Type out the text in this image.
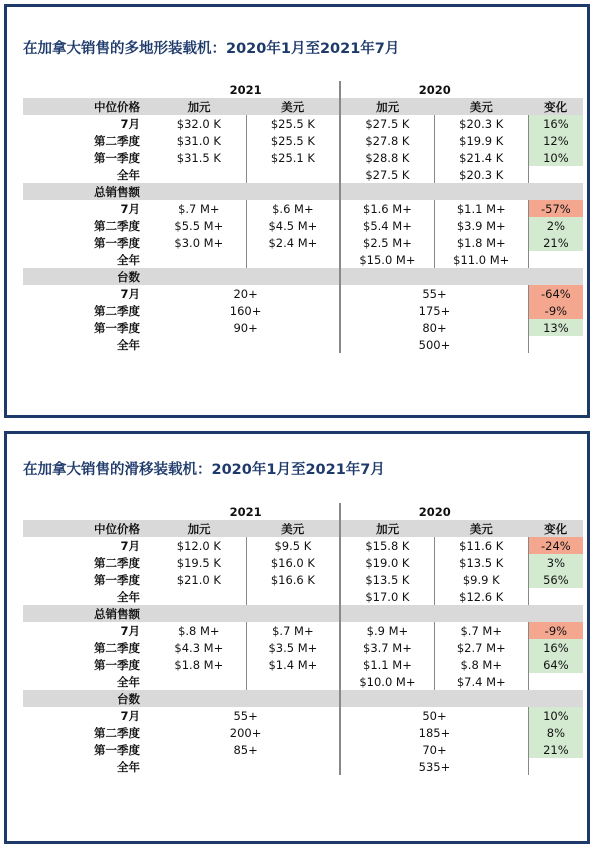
在加拿大销售的多地形装载机：2020年1月至2021年7月
	2021		2020		
中位价格	加元	美元	加元	美元	变化
7月	$32.0 K	$25.5 K	$27.5 K	$20.3 K	16%
第二季度	$31.0 K	$25.5 K	$27.8 K	$19.9 K	12%
第一季度	$31.5 K	$25.1 K	$28.8 K	$21.4 K	10%
全年			$27.5 K	$20.3 K	
总销售额					
7月	$.7 M+	$.6 M+	$1.6 M+	$1.1 M+	-57%
第二季度	$5.5 M+	$4.5 M+	$5.4 M+	$3.9 M+	2%
第一季度	$3.0 M+	$2.4 M+	$2.5 M+	$1.8 M+	21%
全年			$15.0 M+	$11.0 M+	
台数					
7月	20+		55+		-64%
第二季度	160+		175+		-9%
第一季度	90+		80+		13%
全年			500+		
在加拿大销售的滑移装载机：2020年1月至2021年7月
	2021		2020		
中位价格	加元	美元	加元	美元	变化
7月	$12.0 K	$9.5 K	$15.8 K	$11.6 K	-24%
第二季度	$19.5 K	$16.0 K	$19.0 K	$13.5 K	3%
第一季度	$21.0 K	$16.6 K	$13.5 K	$9.9 K	56%
全年			$17.0 K	$12.6 K	
总销售额					
7月	$.8 M+	$.7 M+	$.9 M+	$.7 M+	-9%
第二季度	$4.3 M+	$3.5 M+	$3.7 M+	$2.7 M+	16%
第一季度	$1.8 M+	$1.4 M+	$1.1 M+	$.8 M+	64%
全年			$10.0 M+	$7.4 M+	
台数					
7月	55+		50+		10%
第二季度	200+		185+		8%
第一季度	85+		70+		21%
全年			535+		
